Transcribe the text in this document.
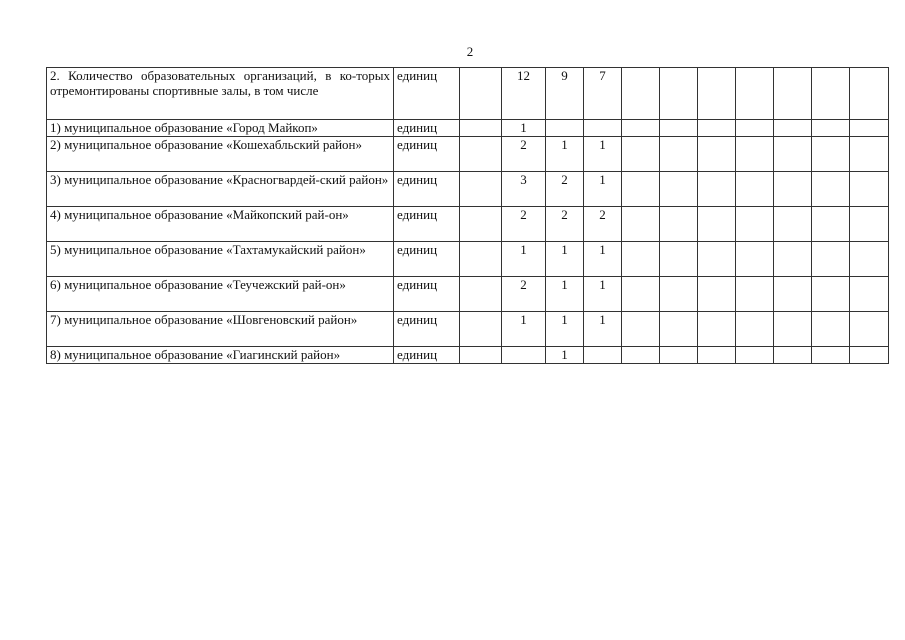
2
2. Количество образовательных организаций, в ко-торых отремонтированы спортивные залы, в том числе	единиц		12	9	7							
1) муниципальное образование «Город Майкоп»	единиц		1									
2) муниципальное образование «Кошехабльский район»	единиц		2	1	1							
3) муниципальное образование «Красногвардей-ский район»	единиц		3	2	1							
4) муниципальное образование «Майкопский рай-он»	единиц		2	2	2							
5) муниципальное образование «Тахтамукайский район»	единиц		1	1	1							
6) муниципальное образование «Теучежский рай-он»	единиц		2	1	1							
7) муниципальное образование «Шовгеновский район»	единиц		1	1	1							
8) муниципальное образование «Гиагинский район»	единиц			1								
